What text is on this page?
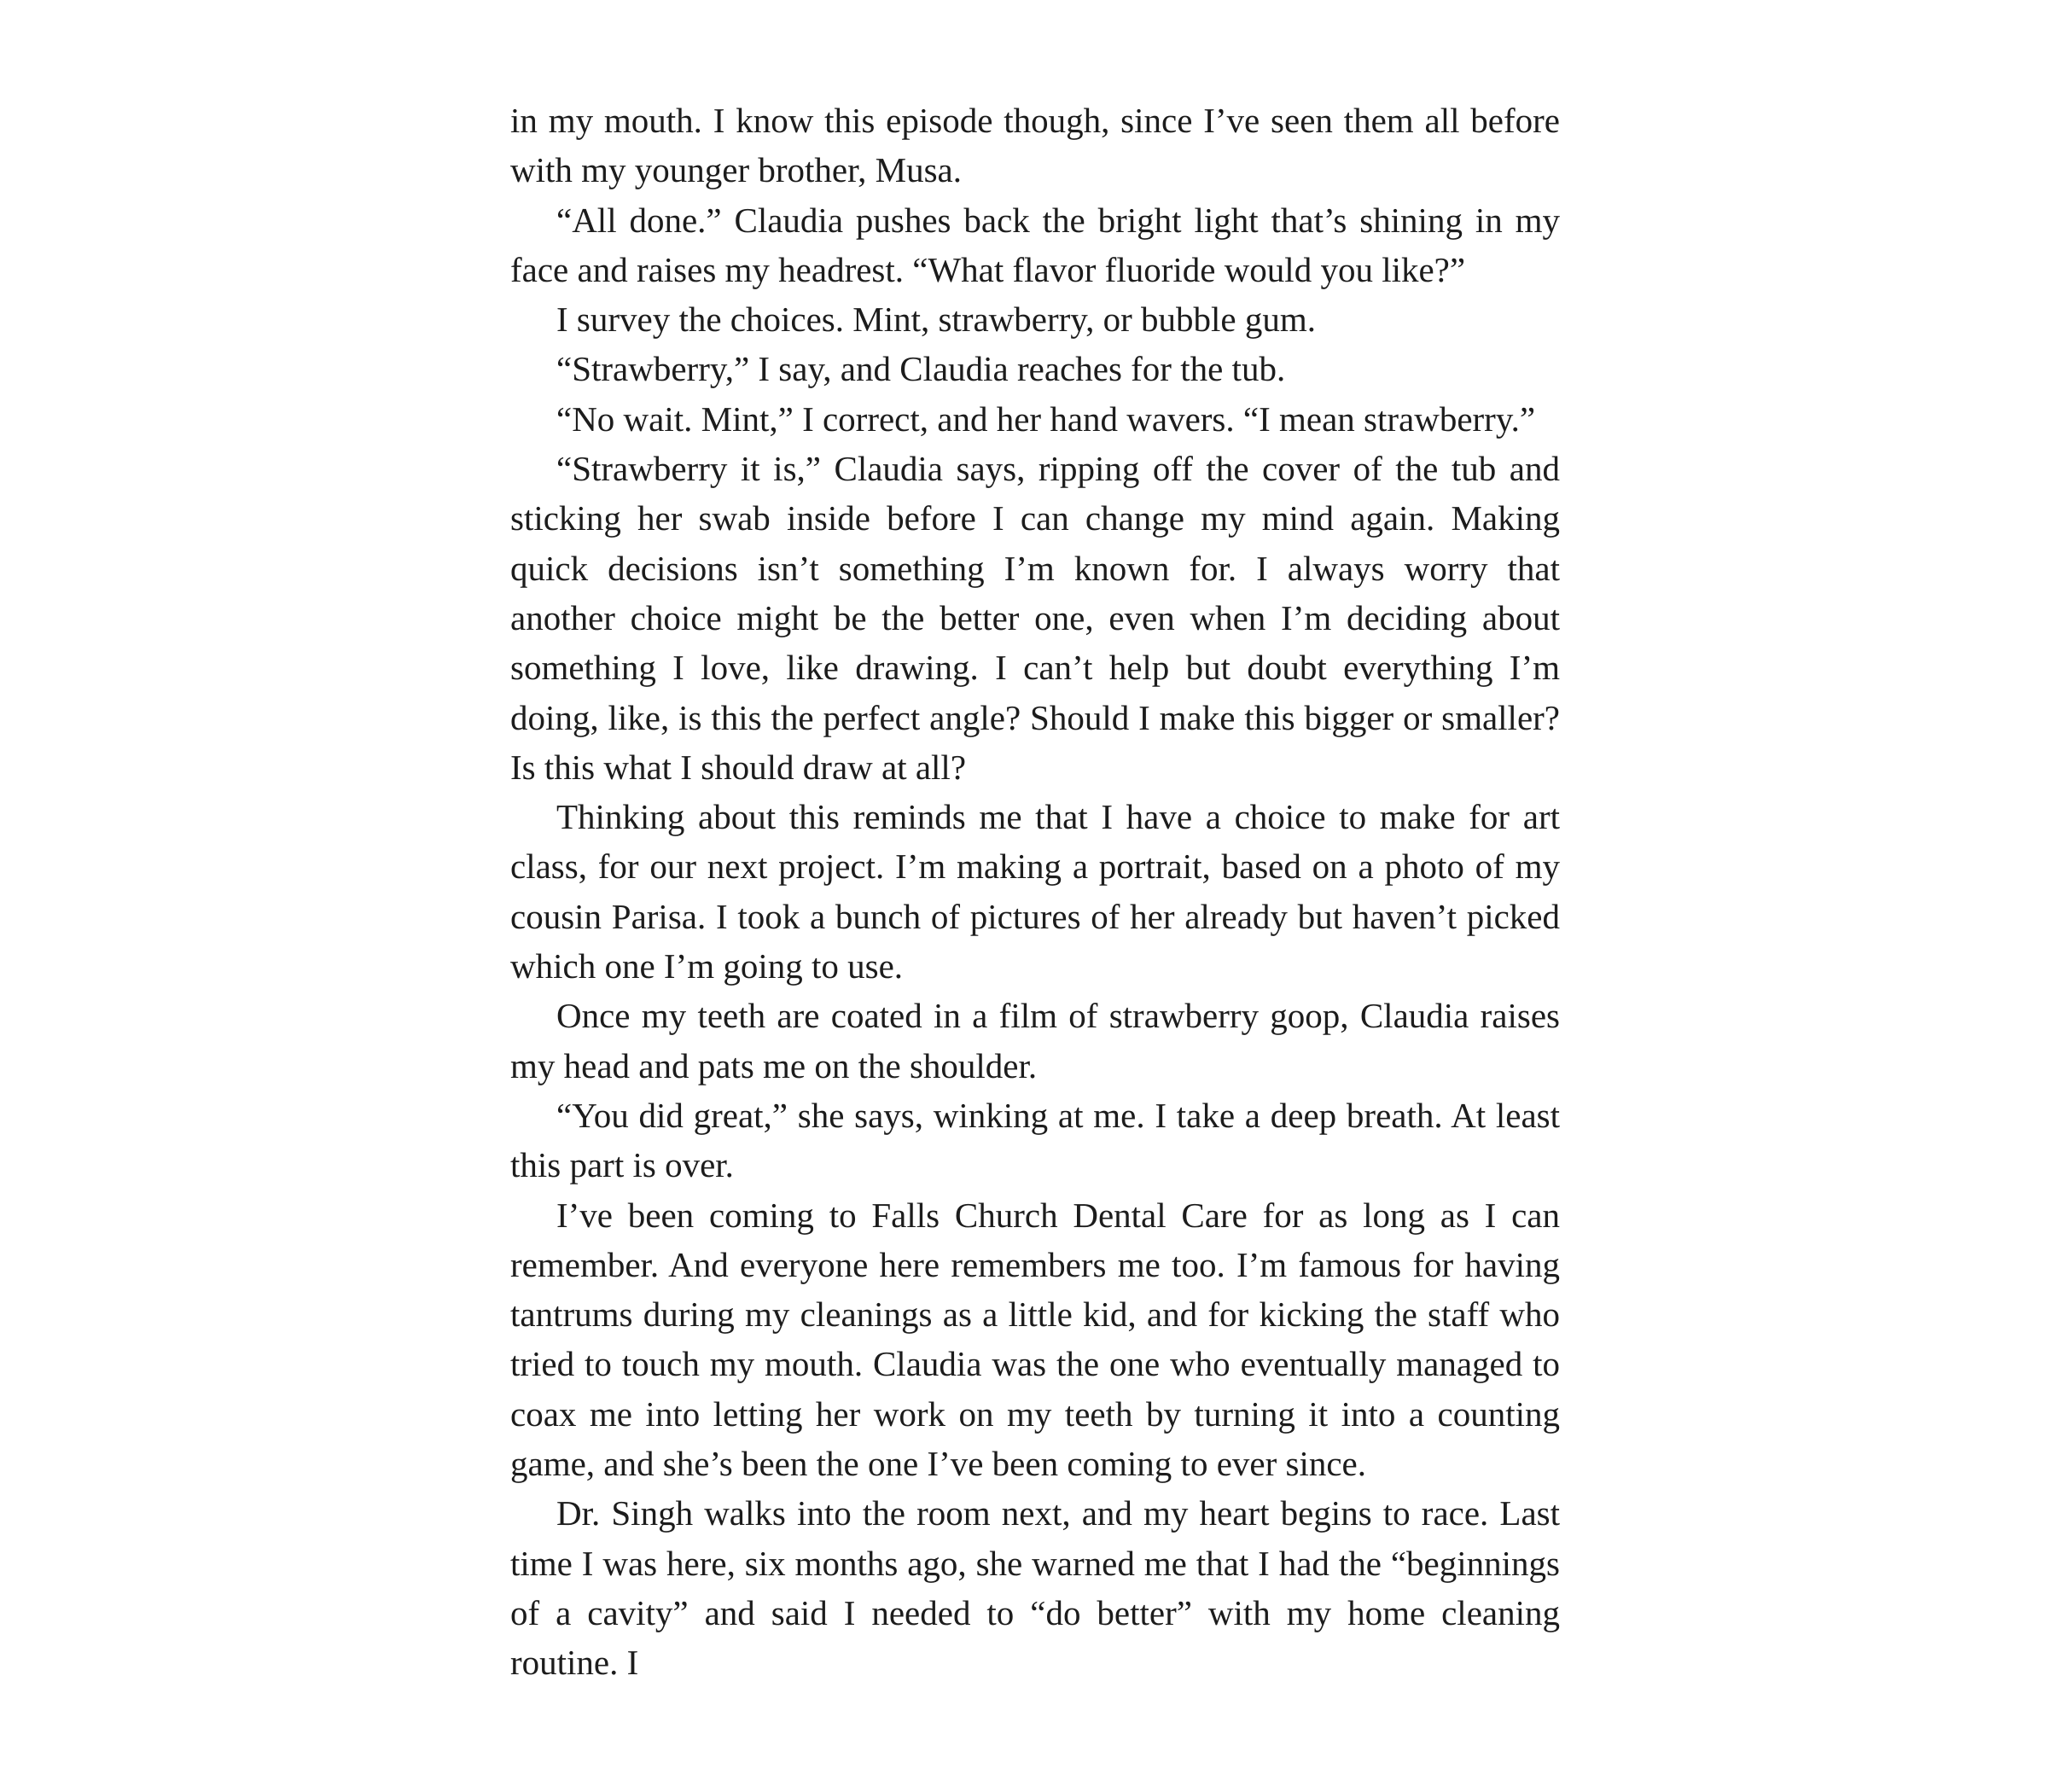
in my mouth. I know this episode though, since I’ve seen them all before with my younger brother, Musa.

“All done.” Claudia pushes back the bright light that’s shining in my face and raises my headrest. “What flavor fluoride would you like?”

I survey the choices. Mint, strawberry, or bubble gum.

“Strawberry,” I say, and Claudia reaches for the tub.

“No wait. Mint,” I correct, and her hand wavers. “I mean strawberry.”

“Strawberry it is,” Claudia says, ripping off the cover of the tub and sticking her swab inside before I can change my mind again. Making quick decisions isn’t something I’m known for. I always worry that another choice might be the better one, even when I’m deciding about something I love, like drawing. I can’t help but doubt everything I’m doing, like, is this the perfect angle? Should I make this bigger or smaller? Is this what I should draw at all?

Thinking about this reminds me that I have a choice to make for art class, for our next project. I’m making a portrait, based on a photo of my cousin Parisa. I took a bunch of pictures of her already but haven’t picked which one I’m going to use.

Once my teeth are coated in a film of strawberry goop, Claudia raises my head and pats me on the shoulder.

“You did great,” she says, winking at me. I take a deep breath. At least this part is over.

I’ve been coming to Falls Church Dental Care for as long as I can remember. And everyone here remembers me too. I’m famous for having tantrums during my cleanings as a little kid, and for kicking the staff who tried to touch my mouth. Claudia was the one who eventually managed to coax me into letting her work on my teeth by turning it into a counting game, and she’s been the one I’ve been coming to ever since.

Dr. Singh walks into the room next, and my heart begins to race. Last time I was here, six months ago, she warned me that I had the “beginnings of a cavity” and said I needed to “do better” with my home cleaning routine. I
